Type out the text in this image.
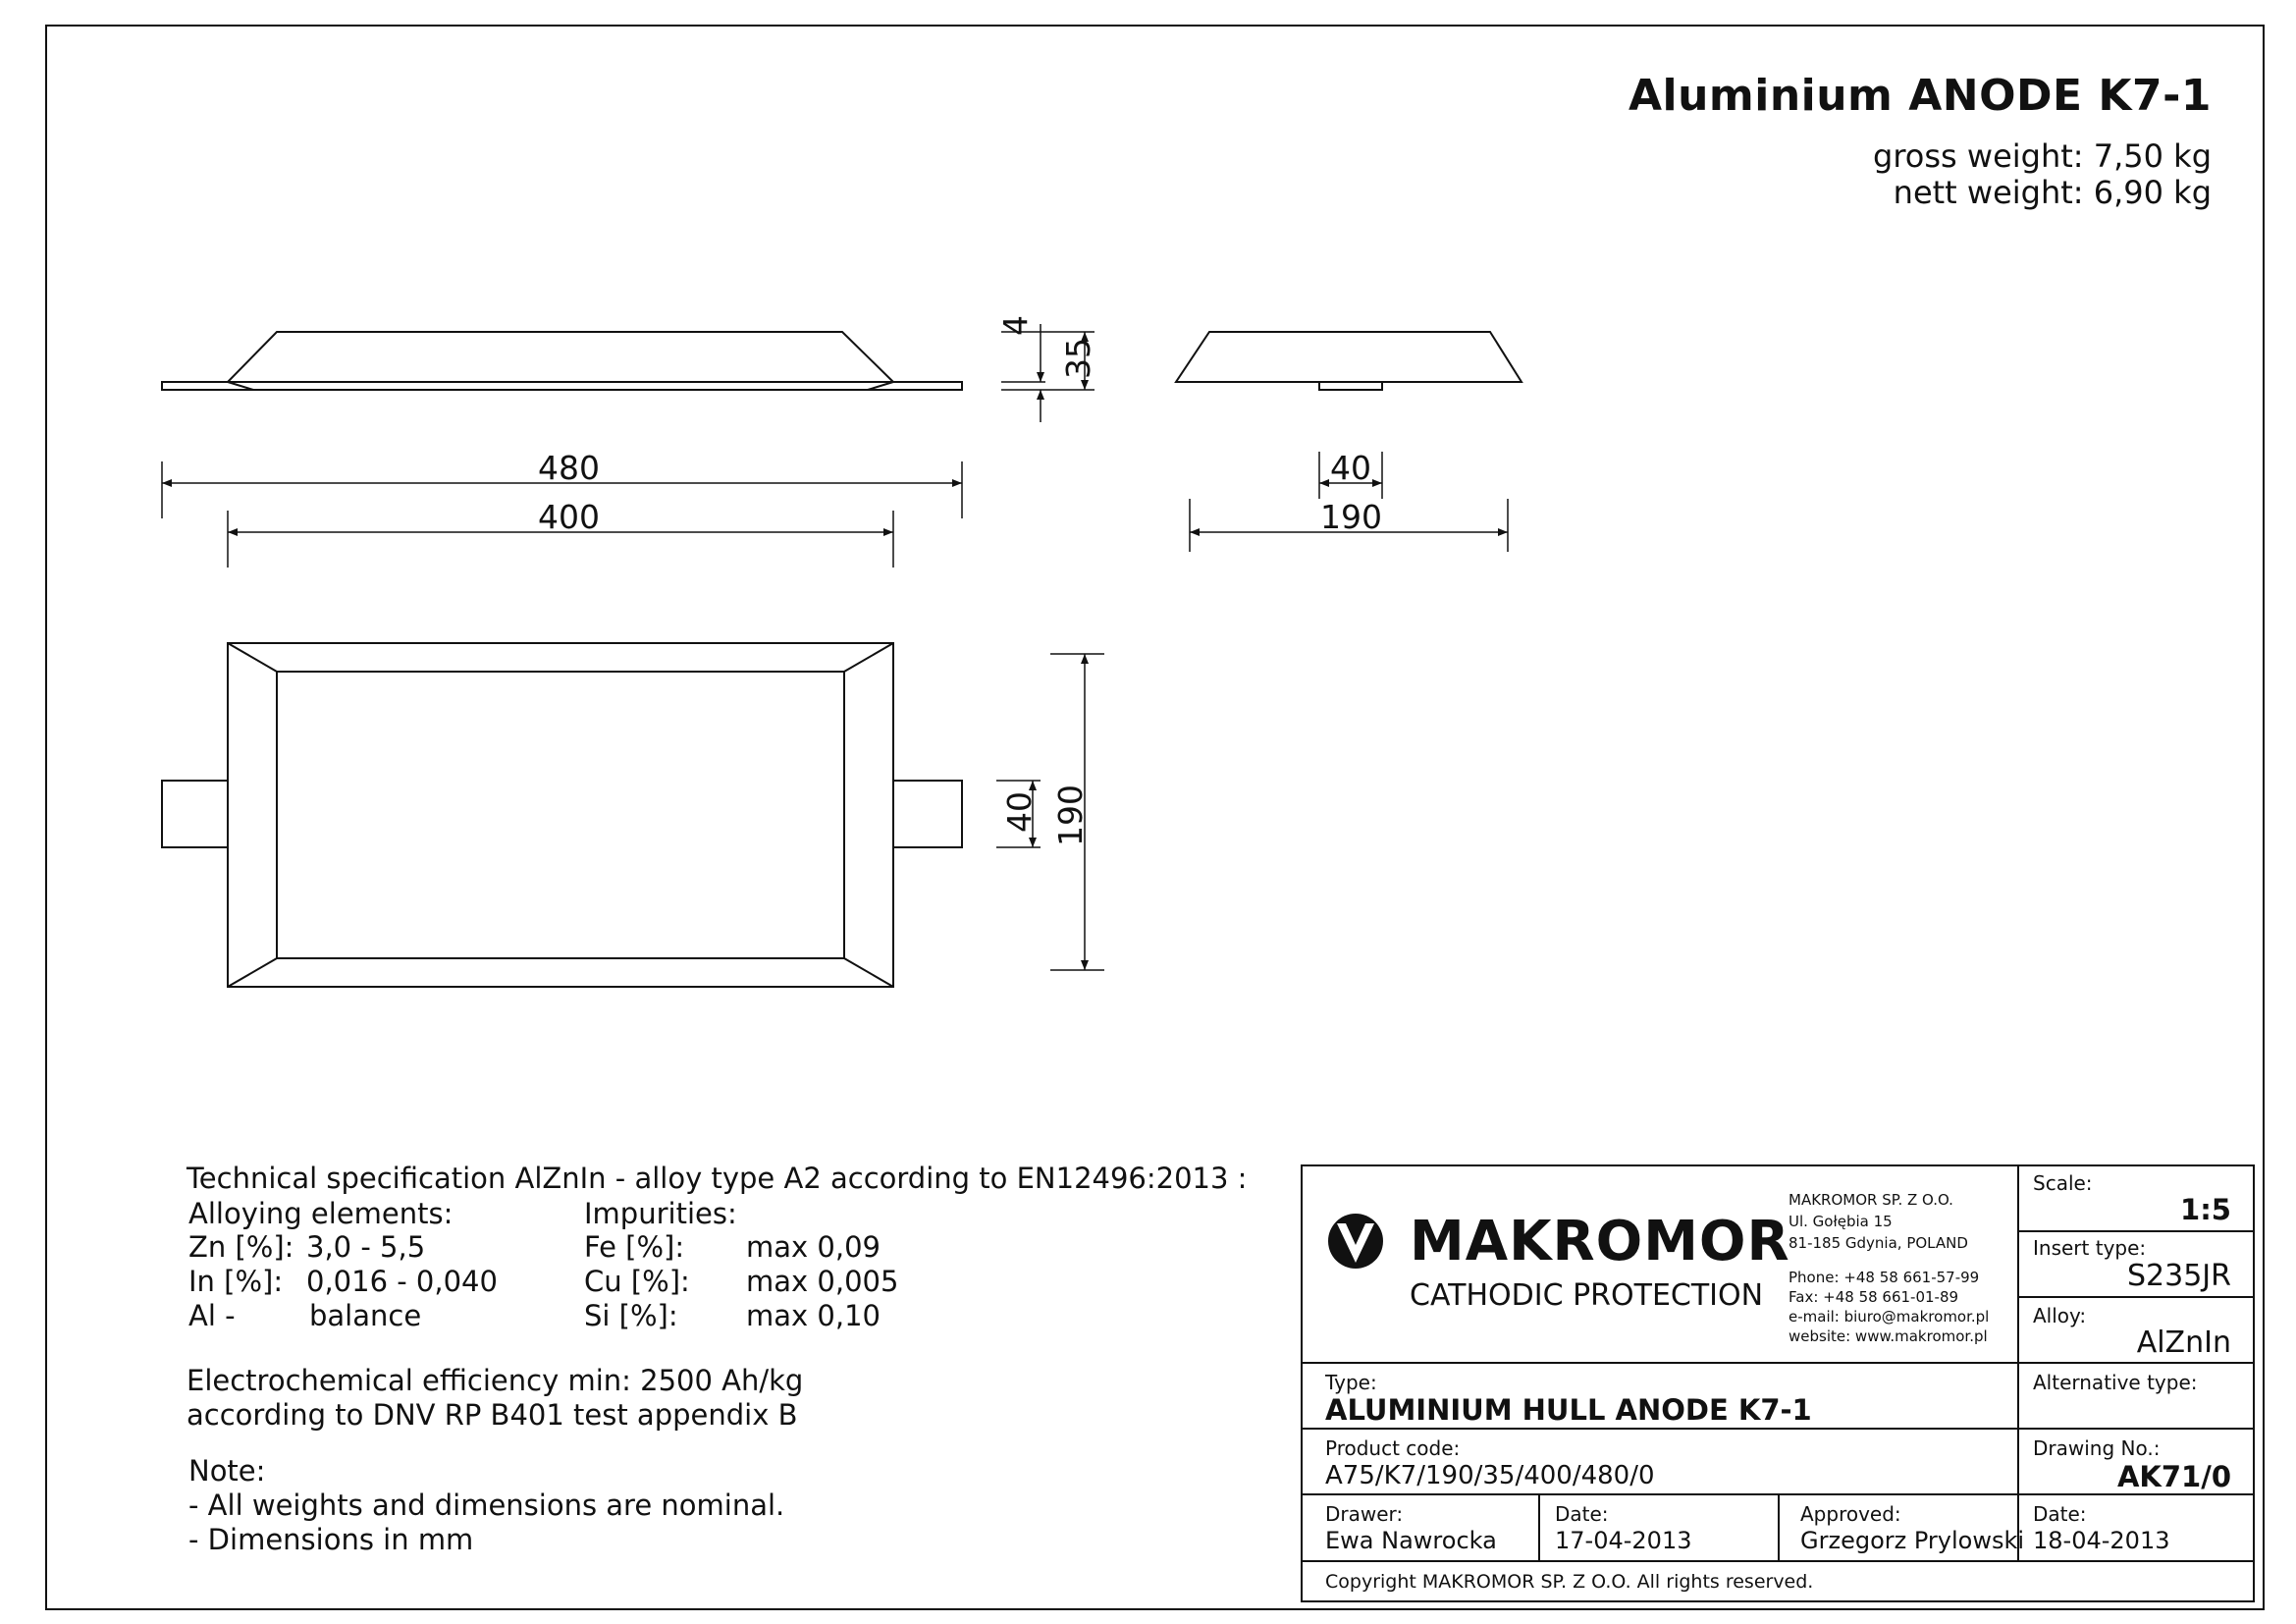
Aluminium ANODE K7-1
gross weight: 7,50 kg
nett weight: 6,90 kg
480
400
4
35
40
190
40 190
Technical specification AlZnIn - alloy type A2 according to EN12496:2013 :
Alloying elements:	Impurities:
Zn [%]: 3,0 - 5,5
In [%]: 0,016 - 0,040
Al -	balance
Fe [%]: max 0,09
Cu [%]: max 0,005
Si [%]: max 0,10
Electrochemical efficiency min: 2500 Ah/kg
according to DNV RP B401 test appendix B
Note:
- All weights and dimensions are nominal.
- Dimensions in mm
MAKROMOR
CATHODIC PROTECTION
MAKROMOR SP. Z O.O.
Ul. Gołębia 15
81-185 Gdynia, POLAND
Phone: +48 58 661-57-99
Fax: +48 58 661-01-89
e-mail: biuro@makromor.pl
website: www.makromor.pl
Scale:
1:5
Insert type:
S235JR
Alloy:
AlZnIn
Type:
ALUMINIUM HULL ANODE K7-1
Alternative type:
Product code:
A75/K7/190/35/400/480/0
Drawing No.:
AK71/0
Drawer:
Ewa Nawrocka
Date:
17-04-2013
Approved:
Grzegorz Prylowski
Date:
18-04-2013
Copyright MAKROMOR SP. Z O.O. All rights reserved.
